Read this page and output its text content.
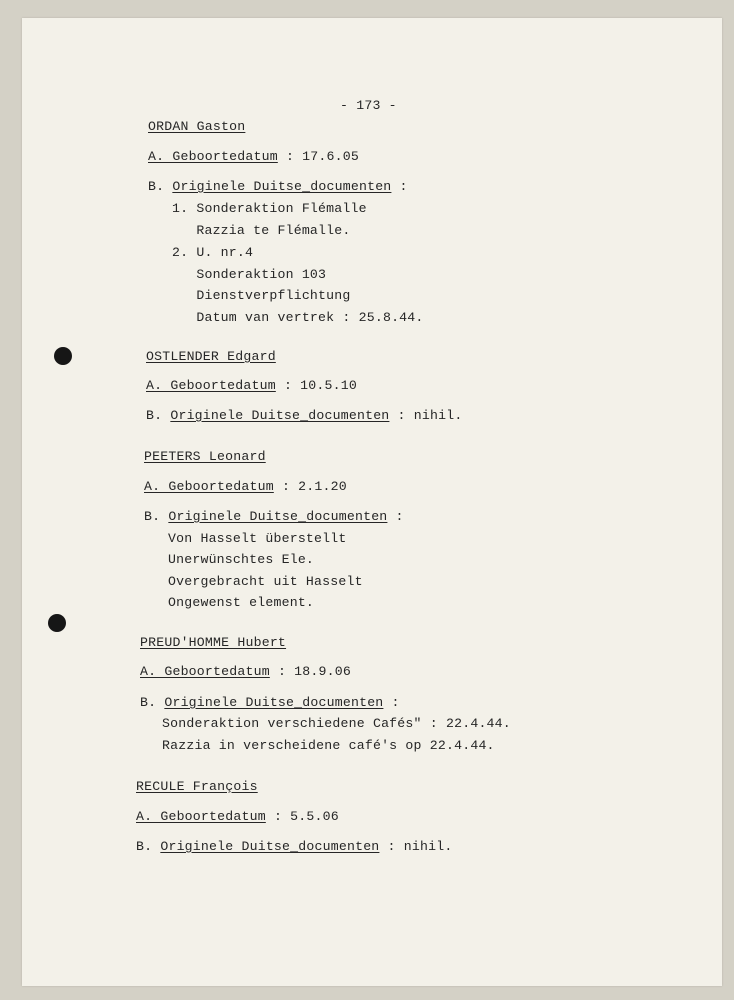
- 173 -

ORDAN Gaston

A. Geboortedatum : 17.6.05

B. Originele Duitse_documenten :

1. Sonderaktion Flémalle

Razzia te Flémalle.

2. U. nr.4

Sonderaktion 103

Dienstverpflichtung

Datum van vertrek : 25.8.44.

OSTLENDER Edgard

A. Geboortedatum : 10.5.10

B. Originele Duitse_documenten : nihil.

PEETERS Leonard

A. Geboortedatum : 2.1.20

B. Originele Duitse_documenten :

Von Hasselt überstellt

Unerwünschtes Ele.

Overgebracht uit Hasselt

Ongewenst element.

PREUD'HOMME Hubert

A. Geboortedatum : 18.9.06

B. Originele Duitse_documenten :

Sonderaktion verschiedene Cafés" : 22.4.44.

Razzia in verscheidene café's op 22.4.44.

RECULE François

A. Geboortedatum : 5.5.06

B. Originele Duitse_documenten : nihil.
